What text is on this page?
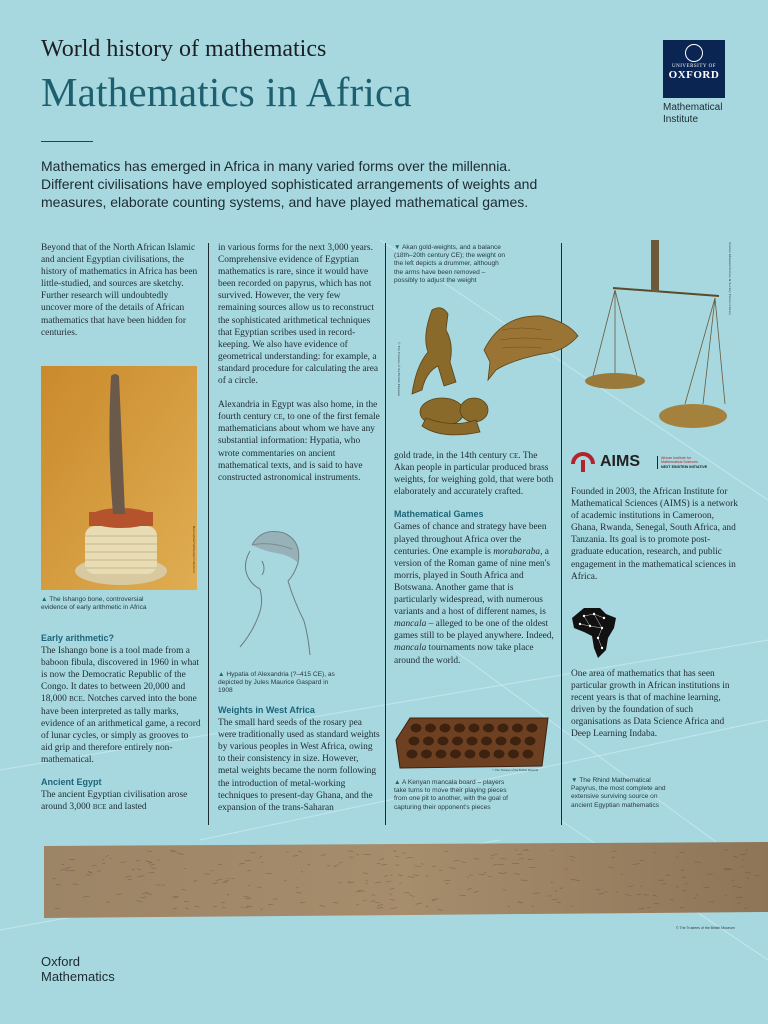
World history of mathematics
Mathematics in Africa
Mathematics has emerged in Africa in many varied forms over the millennia. Different civilisations have employed sophisticated arrangements of weights and measures, elaborate counting systems, and have played mathematical games.
UNIVERSITY OF
OXFORD
Mathematical
Institute
Beyond that of the North African Islamic and ancient Egyptian civilisations, the history of mathematics in Africa has been little-studied, and sources are sketchy. Further research will undoubtedly uncover more of the details of African mathematics that have been hidden for centuries.
Ben Gilbert/Wellcome Collection
▲ The Ishango bone, controversial evidence of early arithmetic in Africa
Early arithmetic?

The Ishango bone is a tool made from a baboon fibula, discovered in 1960 in what is now the Democratic Republic of the Congo. It dates to between 20,000 and 18,000 bce. Notches carved into the bone have been interpreted as tally marks, evidence of an arithmetical game, a record of lunar cycles, or simply as grooves to aid grip and therefore entirely non-mathematical.

Ancient Egypt

The ancient Egyptian civilisation arose around 3,000 bce and lasted

in various forms for the next 3,000 years. Comprehensive evidence of Egyptian mathematics is rare, since it would have been recorded on papyrus, which has not survived. However, the very few remaining sources allow us to reconstruct the sophisticated arithmetical techniques that Egyptian scribes used in record-keeping. We also have evidence of geometrical understanding: for example, a standard procedure for calculating the area of a circle.

Alexandria in Egypt was also home, in the fourth century ce, to one of the first female mathematicians about whom we have any substantial information: Hypatia, who wrote commentaries on ancient mathematical texts, and is said to have constructed astronomical instruments.

▲ Hypatia of Alexandria (?–415 CE), as depicted by Jules Maurice Gaspard in 1908
Weights in West Africa

The small hard seeds of the rosary pea were traditionally used as standard weights by various peoples in West Africa, owing to their consistency in size. However, metal weights became the norm following the introduction of metal-working techniques to present-day Ghana, and the expansion of the trans-Saharan

▼ Akan gold-weights, and a balance (18th–20th century CE); the weight on the left depicts a drummer, although the arms have been removed – possibly to adjust the weight
© The Trustees of the British Museum

gold trade, in the 14th century ce. The Akan people in particular produced brass weights, for weighing gold, that were both elaborately and accurately crafted.

Mathematical Games

Games of chance and strategy have been played throughout Africa over the centuries. One example is morabaraba, a version of the Roman game of nine men's morris, played in South Africa and Botswana. Another game that is particularly widespread, with numerous variants and a host of different names, is mancala – alleged to be one of the oldest games still to be played anywhere. Indeed, mancala tournaments now take place around the world.

© The Trustees of the British Museum
▲ A Kenyan mancala board – players take turns to move their playing pieces from one pit to another, with the goal of capturing their opponent's pieces
Science Museum/Science & Society Picture Library
AIMS	African Institute for
Mathematical Sciences
NEXT EINSTEIN INITIATIVE
Founded in 2003, the African Institute for Mathematical Sciences (AIMS) is a network of academic institutions in Cameroon, Ghana, Rwanda, Senegal, South Africa, and Tanzania. Its goal is to promote post-graduate education, research, and public engagement in the mathematical sciences in Africa.
One area of mathematics that has seen particular growth in African institutions in recent years is that of machine learning, driven by the foundation of such organisations as Data Science Africa and Deep Learning Indaba.
▼ The Rhind Mathematical Papyrus, the most complete and extensive surviving source on ancient Egyptian mathematics
© The Trustees of the British Museum
Oxford
Mathematics
